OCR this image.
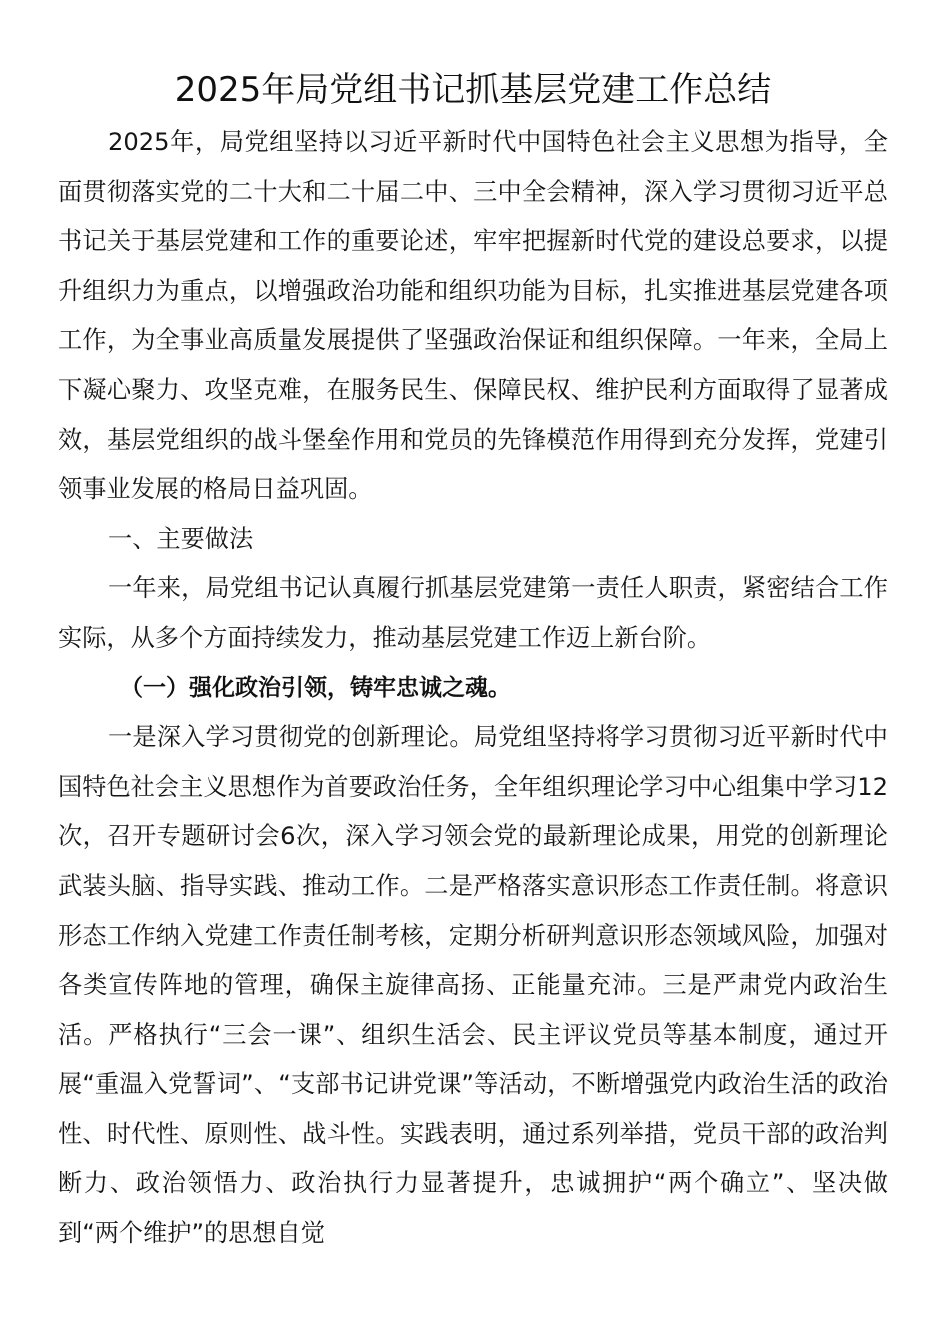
2025年局党组书记抓基层党建工作总结

2025年，局党组坚持以习近平新时代中国特色社会主义思想为指导，全面贯彻落实党的二十大和二十届二中、三中全会精神，深入学习贯彻习近平总书记关于基层党建和工作的重要论述，牢牢把握新时代党的建设总要求，以提升组织力为重点，以增强政治功能和组织功能为目标，扎实推进基层党建各项工作，为全事业高质量发展提供了坚强政治保证和组织保障。一年来，全局上下凝心聚力、攻坚克难，在服务民生、保障民权、维护民利方面取得了显著成效，基层党组织的战斗堡垒作用和党员的先锋模范作用得到充分发挥，党建引领事业发展的格局日益巩固。

一、主要做法

一年来，局党组书记认真履行抓基层党建第一责任人职责，紧密结合工作实际，从多个方面持续发力，推动基层党建工作迈上新台阶。

（一）强化政治引领，铸牢忠诚之魂。

一是深入学习贯彻党的创新理论。局党组坚持将学习贯彻习近平新时代中国特色社会主义思想作为首要政治任务，全年组织理论学习中心组集中学习12次，召开专题研讨会6次，深入学习领会党的最新理论成果，用党的创新理论武装头脑、指导实践、推动工作。二是严格落实意识形态工作责任制。将意识形态工作纳入党建工作责任制考核，定期分析研判意识形态领域风险，加强对各类宣传阵地的管理，确保主旋律高扬、正能量充沛。三是严肃党内政治生活。严格执行“三会一课”、组织生活会、民主评议党员等基本制度，通过开展“重温入党誓词”、“支部书记讲党课”等活动，不断增强党内政治生活的政治性、时代性、原则性、战斗性。实践表明，通过系列举措，党员干部的政治判断力、政治领悟力、政治执行力显著提升，忠诚拥护“两个确立”、坚决做到“两个维护”的思想自觉
